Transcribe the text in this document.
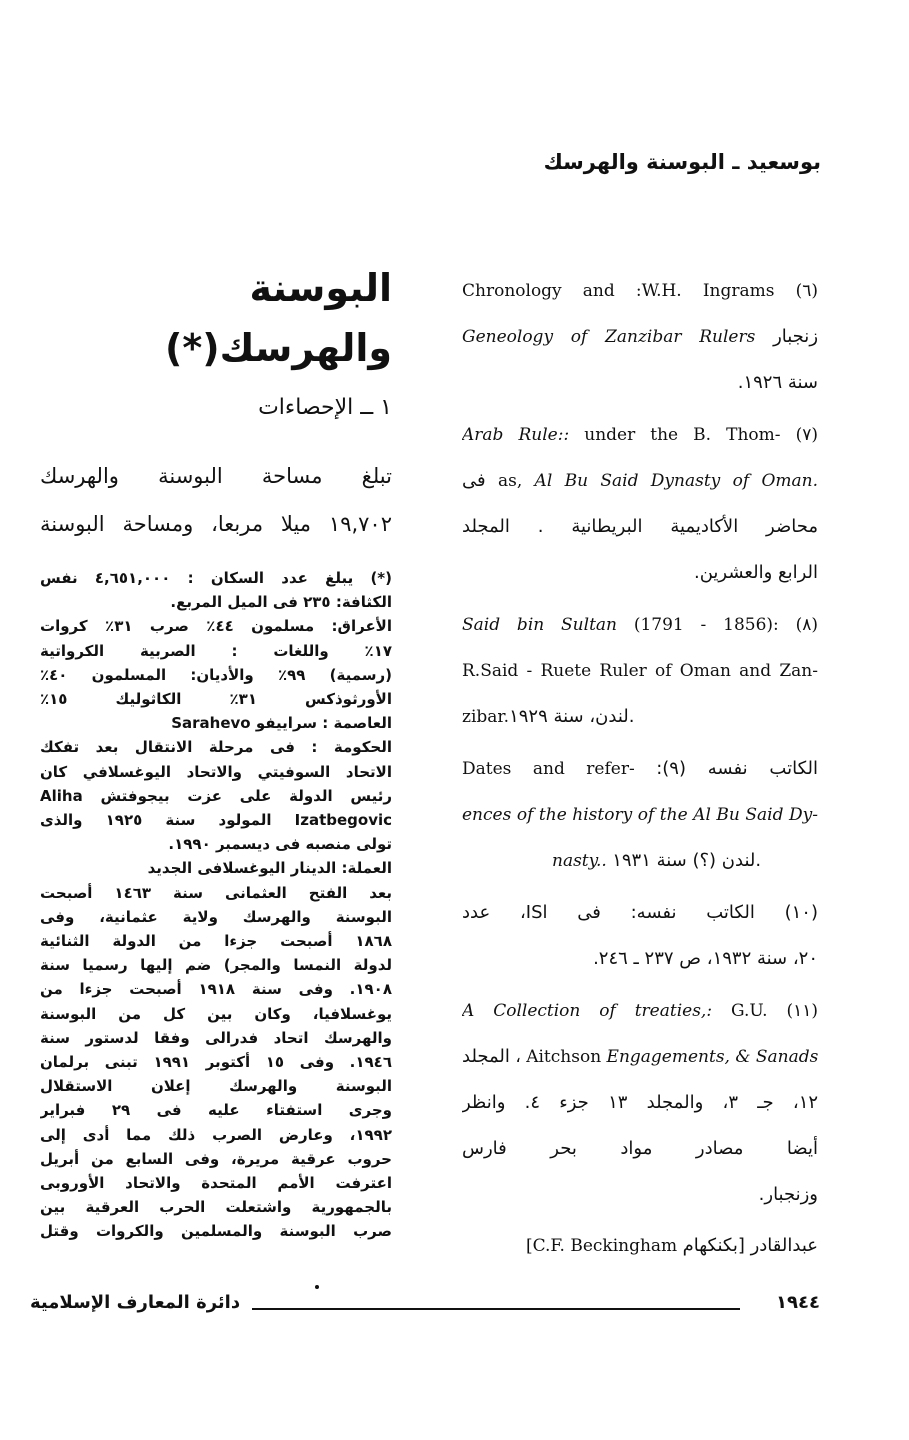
بوسعيد ـ البوسنة والهرسك
البوسنة والهرسك(*)
١ ــ الإحصاءات
تبلغ مساحة البوسنة والهرسك
١٩,٧٠٢ ميلا مربعا، ومساحة البوسنة
(*) يبلغ عدد السكان : ٤,٦٥١,٠٠٠ نفس
الكثافة: ٢٣٥ فى الميل المربع.
الأعراق: مسلمون ٤٤٪ صرب ٣١٪ كروات
١٧٪ واللغات : الصربية الكرواتية
(رسمية) ٩٩٪ والأديان: المسلمون ٤٠٪
الأورثوذكس ٣١٪ الكاثوليك ١٥٪
العاصمة : سراييفو Sarahevo
الحكومة : فى مرحلة الانتقال بعد تفكك
الاتحاد السوفيتي والاتحاد اليوغسلافي كان
رئيس الدولة على عزت بيجوفتش Aliha
Izatbegovic المولود سنة ١٩٢٥ والذى
تولى منصبه فى ديسمبر ١٩٩٠.
العملة: الدينار اليوغسلافى الجديد
بعد الفتح العثمانى سنة ١٤٦٣ أصبحت
البوسنة والهرسك ولاية عثمانية، وفى
١٨٦٨ أصبحت جزءا من الدولة الثنائية
لدولة النمسا والمجر) ضم إليها رسميا سنة
١٩٠٨. وفى سنة ١٩١٨ أصبحت جزءا من
يوغسلافيا، وكان بين كل من البوسنة
والهرسك اتحاد فدرالى وفقا لدستور سنة
١٩٤٦. وفى ١٥ أكتوبر ١٩٩١ تبنى برلمان
البوسنة والهرسك إعلان الاستقلال
وجرى استفتاء عليه فى ٢٩ فبراير
١٩٩٢، وعارض الصرب ذلك مما أدى إلى
حروب عرقية مريرة، وفى السابع من أبريل
اعترفت الأمم المتحدة والاتحاد الأوروبى
بالجمهورية واشتعلت الحرب العرقية بين
صرب البوسنة والمسلمين والكروات وقتل
Chronology and :W.H. Ingrams (٦)
Geneology of Zanzibar Rulers زنجبار
سنة ١٩٢٦.
Arab Rule:: under the B. Thom- (٧)
فى as, Al Bu Said Dynasty of Oman.
محاضر الأكاديمية البريطانية . المجلد
الرابع والعشرين.
Said bin Sultan (1791 - 1856): (٨)
R.Said - Ruete Ruler of Oman and Zan-
zibar.لندن، سنة ١٩٢٩.
Dates and refer- :الكاتب نفسه (٩)
ences of the history of the Al Bu Said Dy-
nasty.. لندن (؟) سنة ١٩٣١.
(١٠) الكاتب نفسه: فى ISl، عدد
٢٠، سنة ١٩٣٢، ص ٢٣٧ ـ ٢٤٦.
A Collection of treaties,: G.U. (١١)
المجلد ، Aitchson Engagements, & Sanads
١٢، جـ ٣، والمجلد ١٣ جزء ٤. وانظر
أيضا مصادر مواد بحر فارس
وزنجبار.
عبدالقادر [بكنكهام [C.F. Beckingham
دائرة المعارف الإسلامية	١٩٤٤
